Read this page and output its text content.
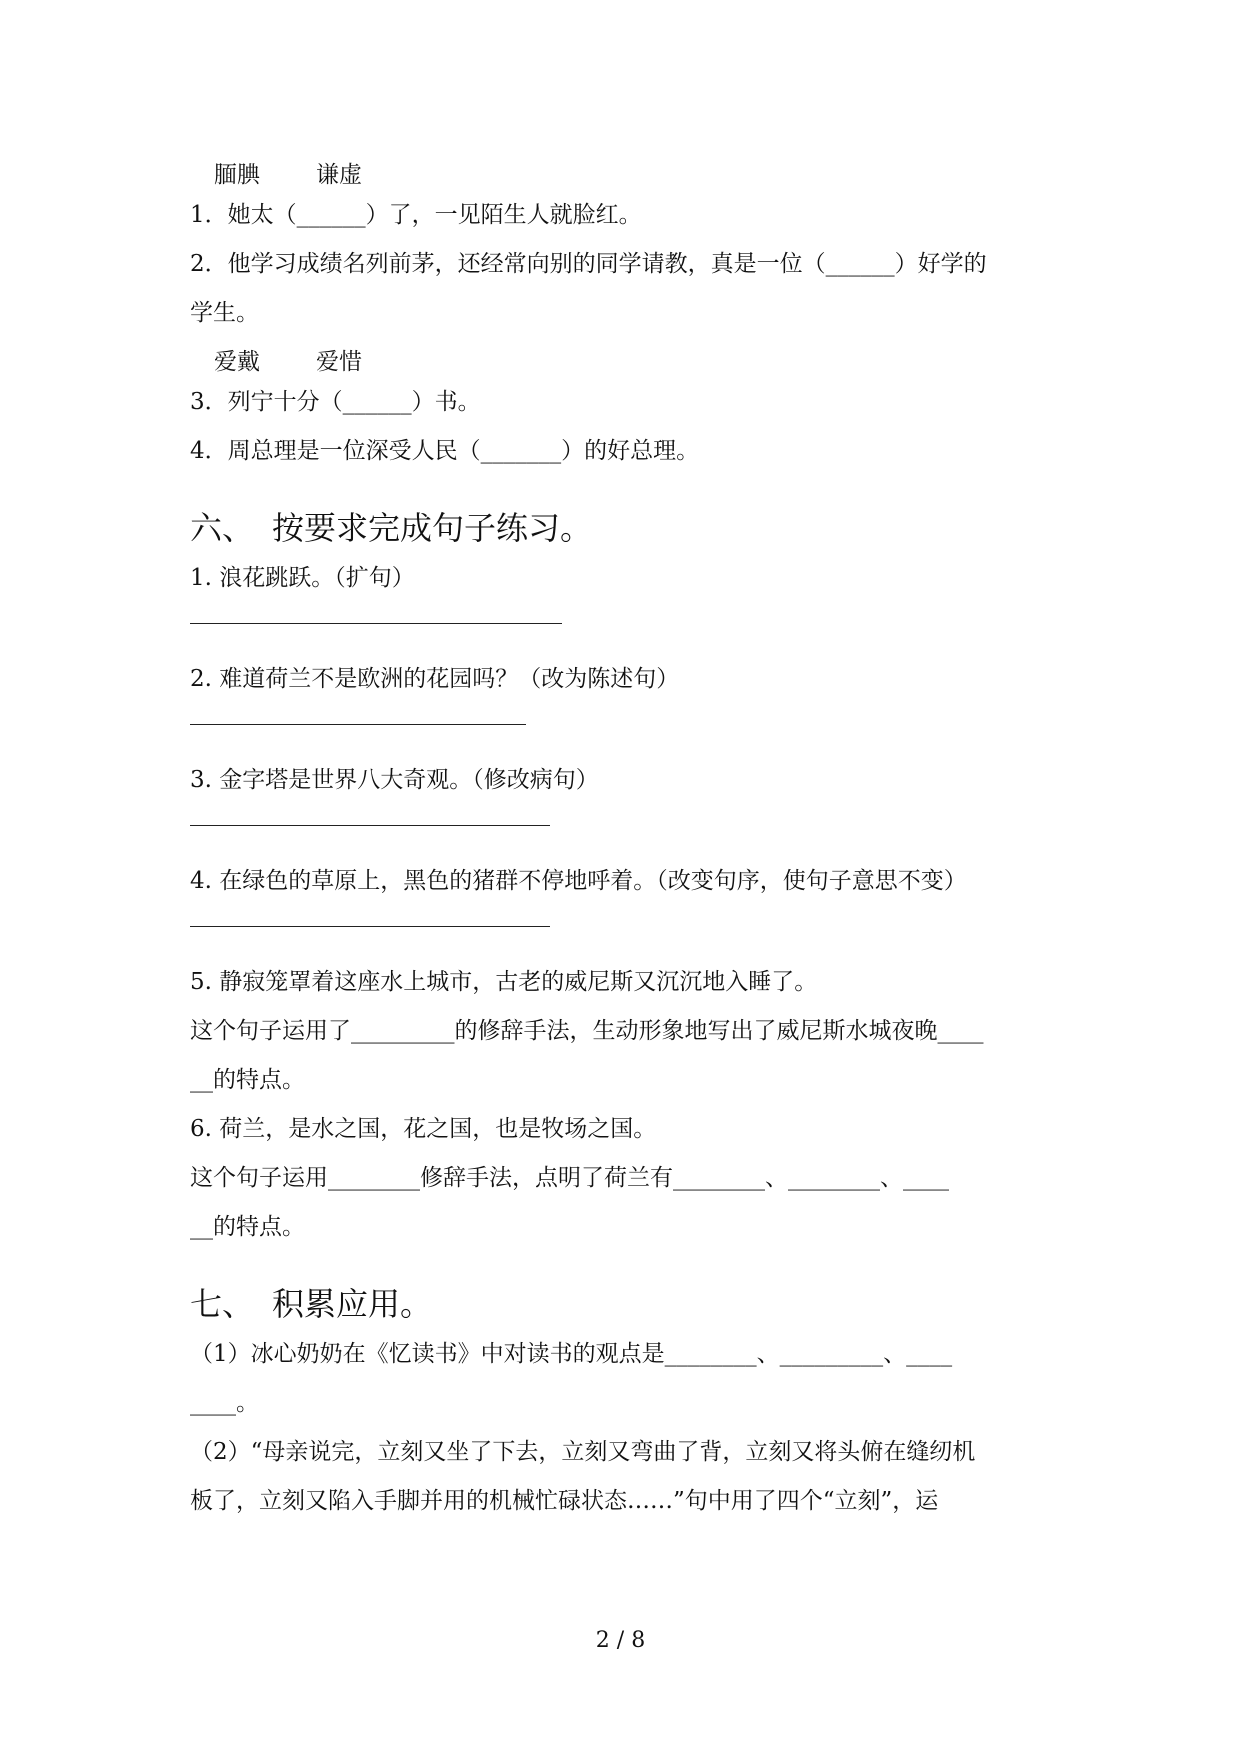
腼腆 谦虚
1．她太（______）了，一见陌生人就脸红。
2．他学习成绩名列前茅，还经常向别的同学请教，真是一位（______）好学的
学生。
爱戴 爱惜
3．列宁十分（______）书。
4．周总理是一位深受人民（_______）的好总理。
六、 按要求完成句子练习。
1. 浪花跳跃。（扩句）
2. 难道荷兰不是欧洲的花园吗？（改为陈述句）
3. 金字塔是世界八大奇观。（修改病句）
4. 在绿色的草原上，黑色的猪群不停地呼着。（改变句序，使句子意思不变）
5. 静寂笼罩着这座水上城市，古老的威尼斯又沉沉地入睡了。
这个句子运用了_________的修辞手法，生动形象地写出了威尼斯水城夜晚____
__的特点。
6. 荷兰，是水之国，花之国，也是牧场之国。
这个句子运用________修辞手法，点明了荷兰有________、________、____
__的特点。
七、 积累应用。
（1）冰心奶奶在《忆读书》中对读书的观点是________、_________、____
____。
（2）“母亲说完，立刻又坐了下去，立刻又弯曲了背，立刻又将头俯在缝纫机
板了，立刻又陷入手脚并用的机械忙碌状态……”句中用了四个“立刻”，运
2 / 8
